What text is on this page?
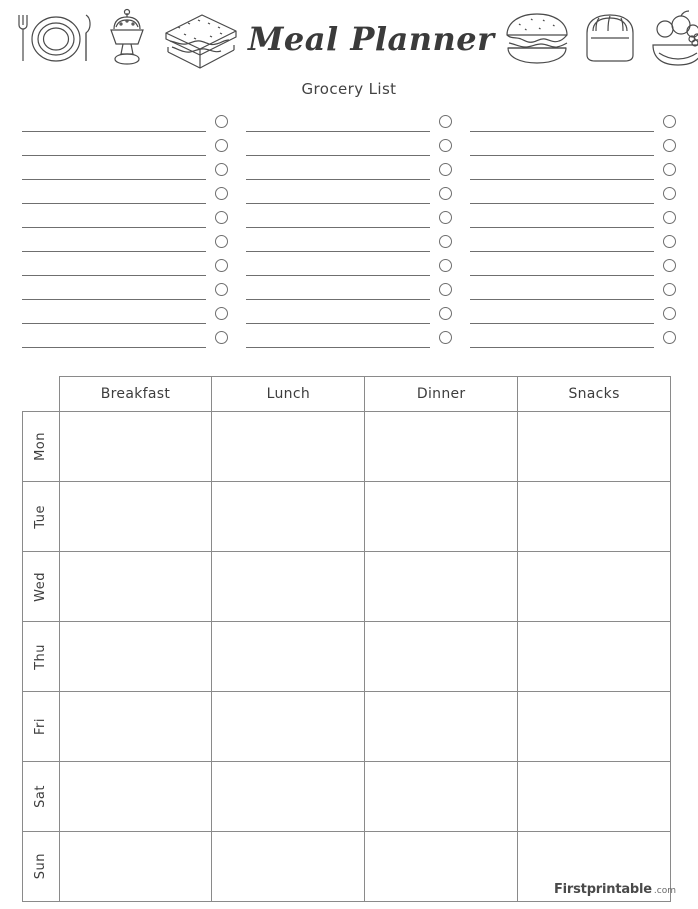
Meal Planner
Grocery List
	Breakfast	Lunch	Dinner	Snacks

Mon				

Tue				

Wed				

Thu				

Fri				

Sat				

Sun				

Firstprintable .com
